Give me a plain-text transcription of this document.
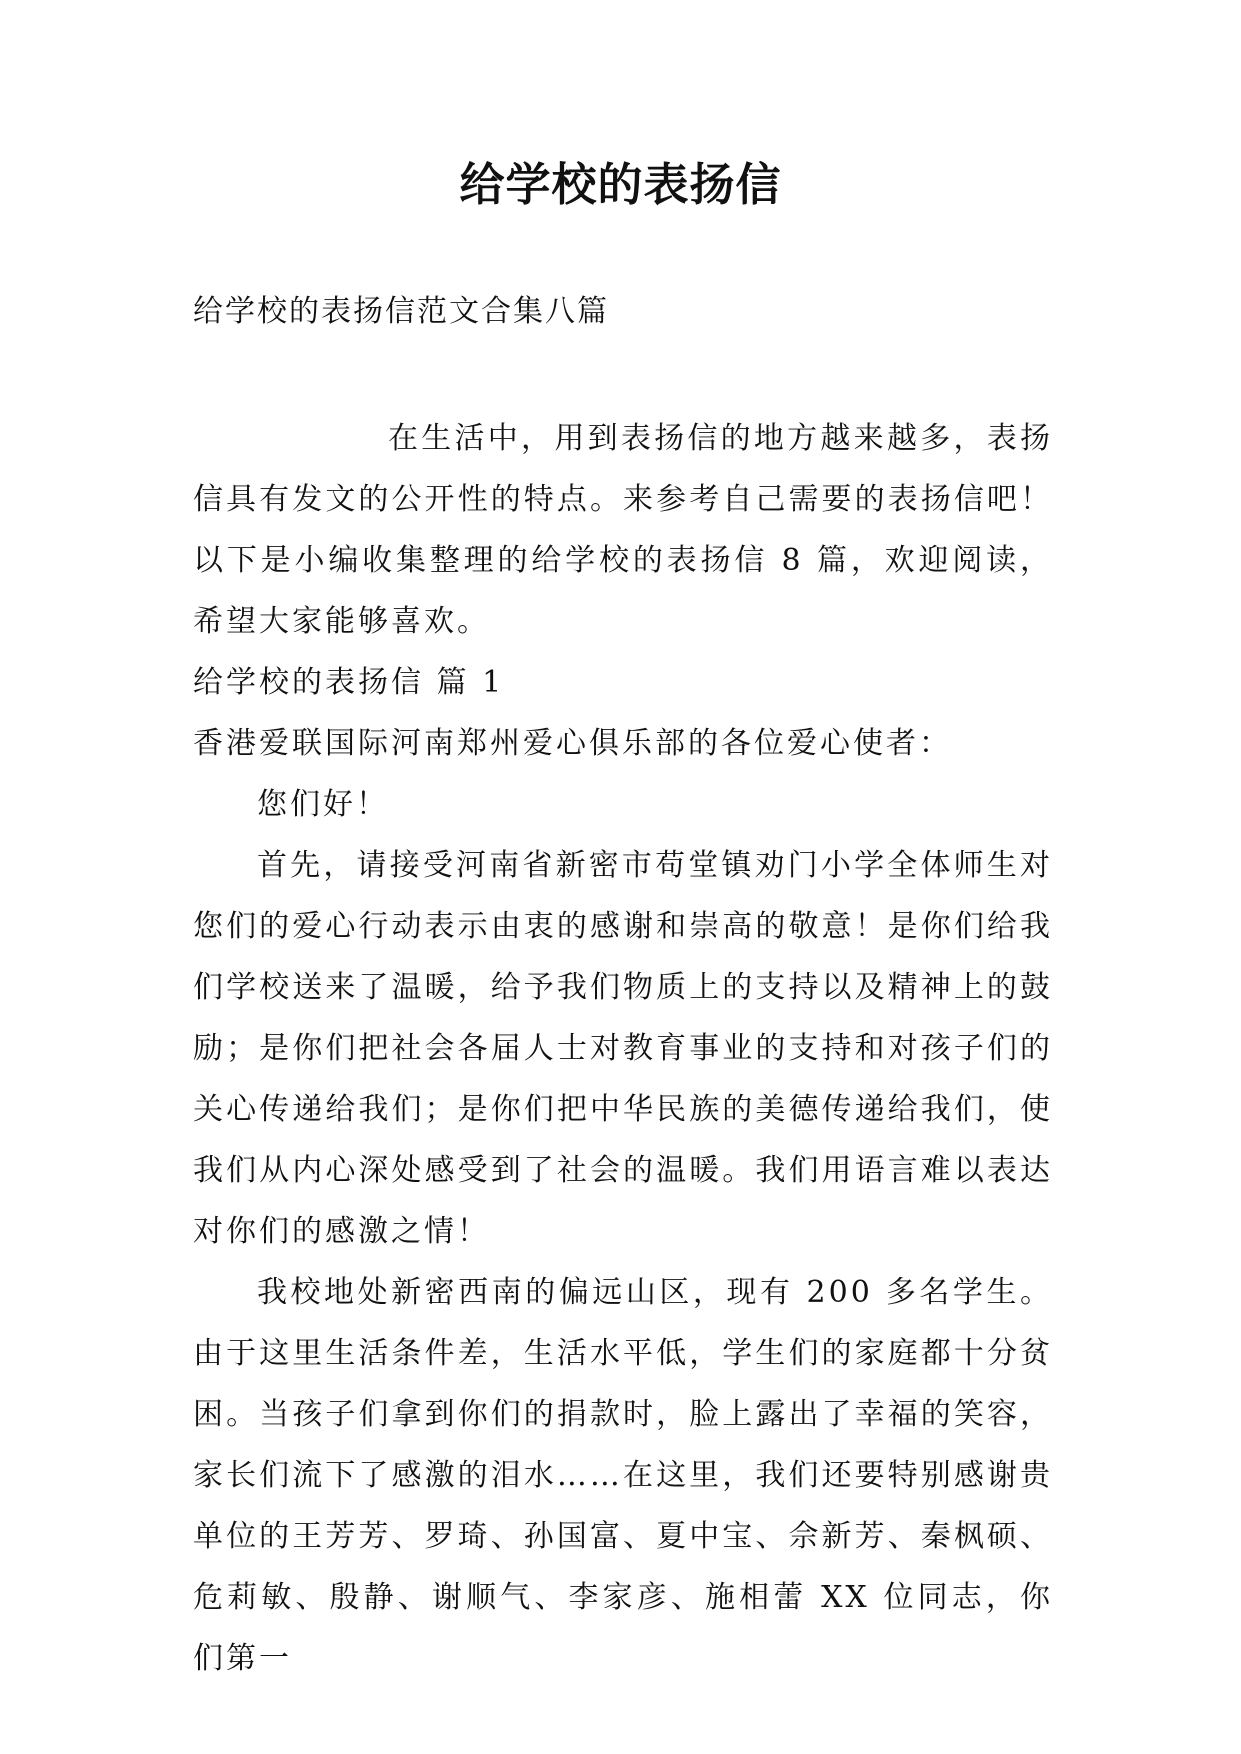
给学校的表扬信
给学校的表扬信范文合集八篇

在生活中，用到表扬信的地方越来越多，表扬信具有发文的公开性的特点。来参考自己需要的表扬信吧！以下是小编收集整理的给学校的表扬信 8 篇，欢迎阅读，希望大家能够喜欢。

给学校的表扬信 篇 1

香港爱联国际河南郑州爱心俱乐部的各位爱心使者：

您们好！

首先，请接受河南省新密市苟堂镇劝门小学全体师生对您们的爱心行动表示由衷的感谢和崇高的敬意！是你们给我们学校送来了温暖，给予我们物质上的支持以及精神上的鼓励；是你们把社会各届人士对教育事业的支持和对孩子们的关心传递给我们；是你们把中华民族的美德传递给我们，使我们从内心深处感受到了社会的温暖。我们用语言难以表达对你们的感激之情！

我校地处新密西南的偏远山区，现有 200 多名学生。由于这里生活条件差，生活水平低，学生们的家庭都十分贫困。当孩子们拿到你们的捐款时，脸上露出了幸福的笑容，家长们流下了感激的泪水……在这里，我们还要特别感谢贵单位的王芳芳、罗琦、孙国富、夏中宝、佘新芳、秦枫硕、危莉敏、殷静、谢顺气、李家彦、施相蕾 XX 位同志，你们第一
